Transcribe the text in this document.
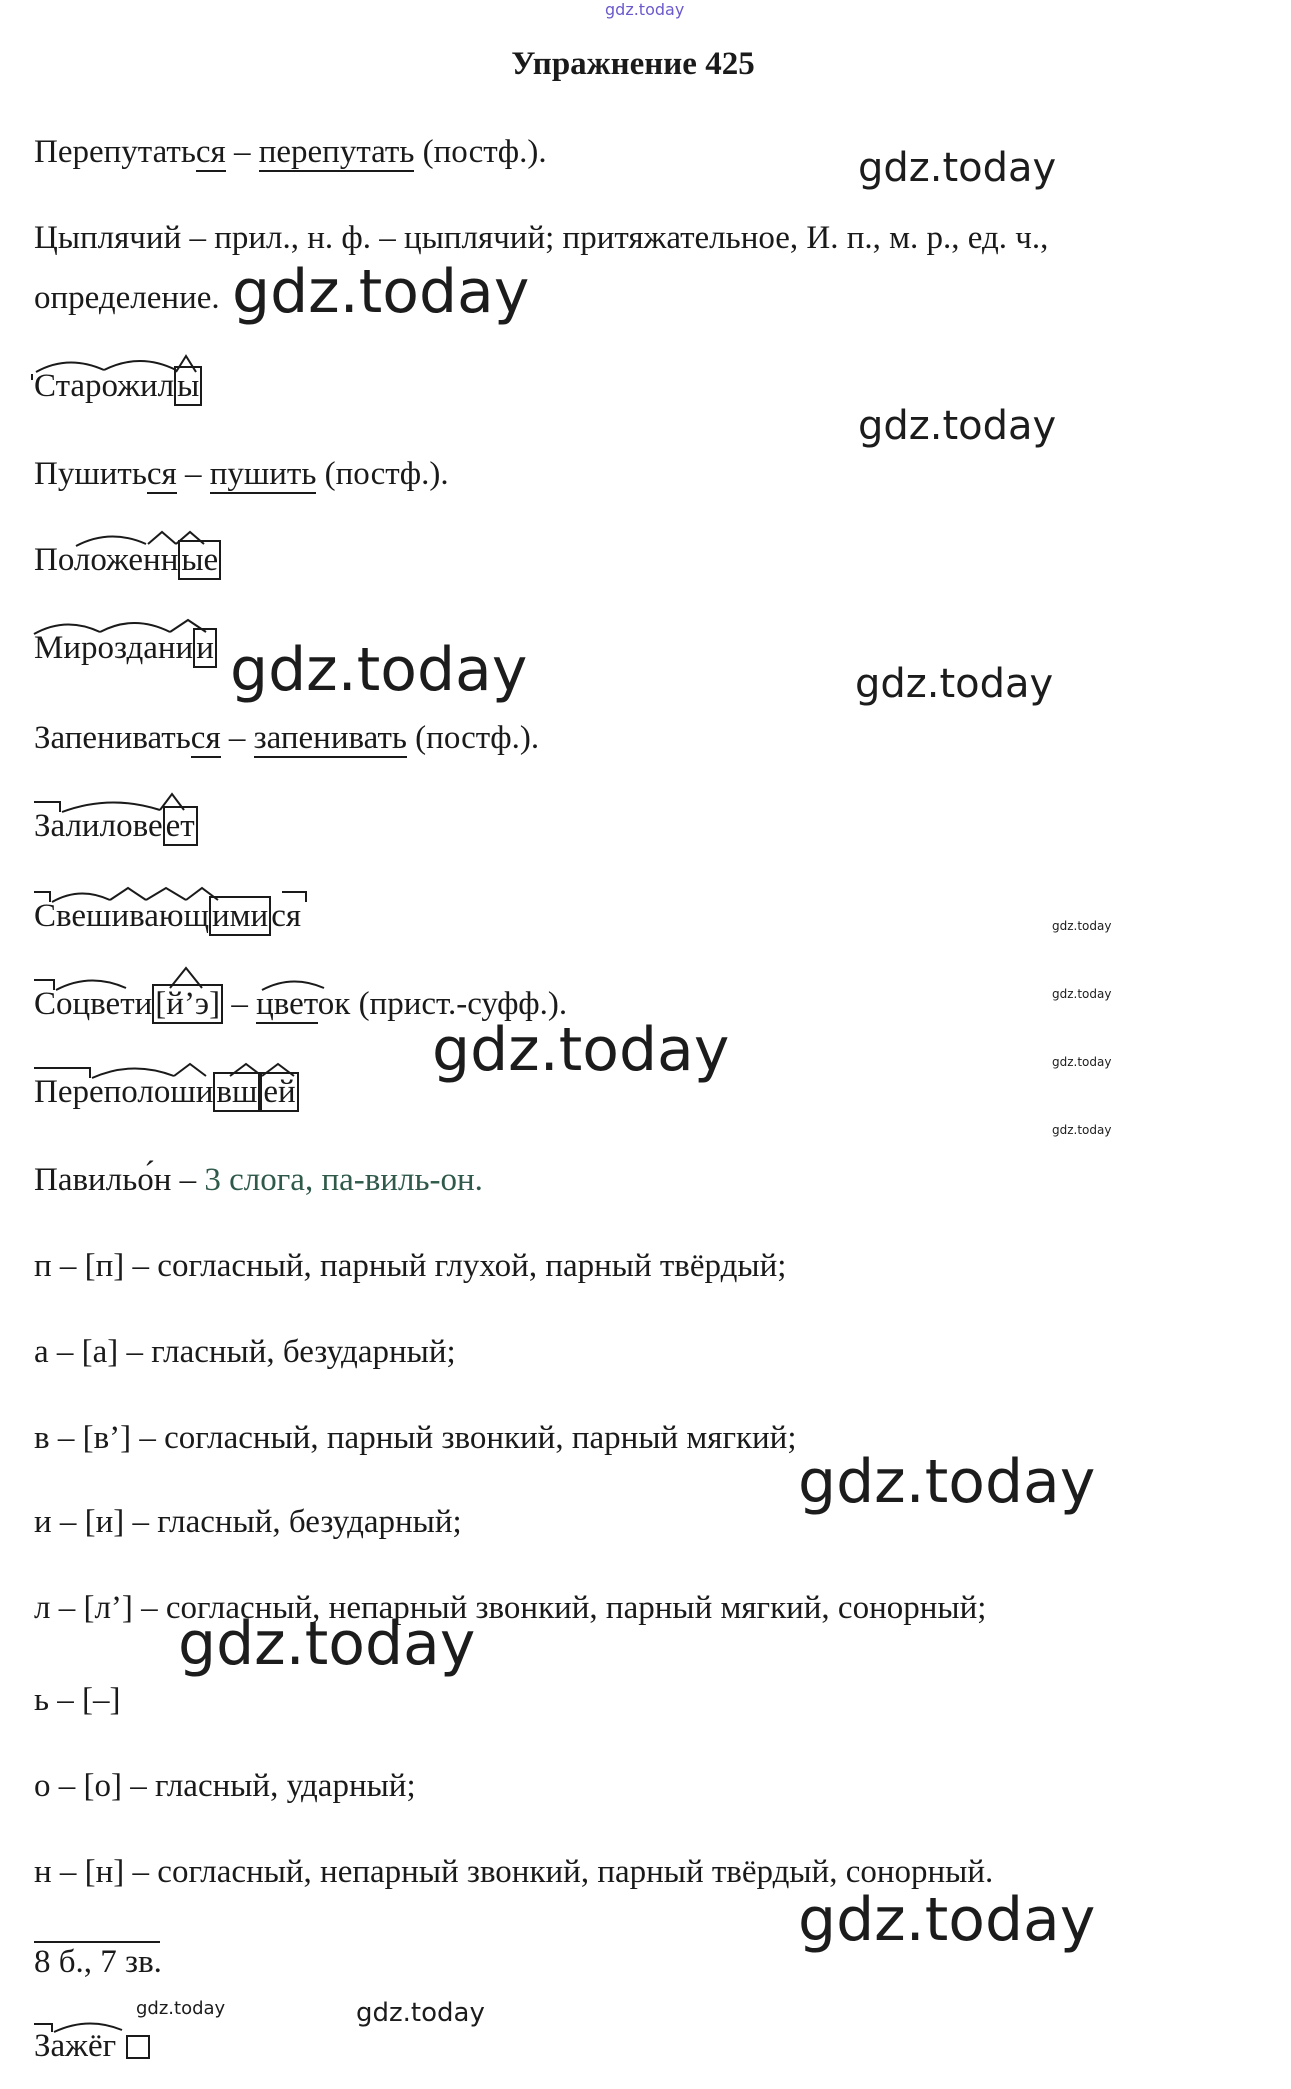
gdz.today
Упражнение 425
Перепутаться – перепутать (постф.).	gdz.today
Цыплячий – прил., н. ф. – цыплячий; притяжательное, И. п., м. р., ед. ч.,
определение. gdz.today
Старожилы
gdz.today
Пушиться – пушить (постф.).
Положенные
Мироздании gdz.today	gdz.today
Запениваться – запенивать (постф.).
Залиловеет
Свешивающимися	gdz.today
Соцвети[й’э] – цветок (прист.-суфф.).	gdz.today
Переполошивш ей
gdz.today	gdz.today
gdz.today
Павильо́н – 3 слога, па-виль-он.
п – [п] – согласный, парный глухой, парный твёрдый;
а – [а] – гласный, безударный;
в – [в’] – согласный, парный звонкий, парный мягкий;
gdz.today
и – [и] – гласный, безударный;
л – [л’] – согласный, непарный звонкий, парный мягкий, сонорный;
gdz.today
ь – [–]
о – [о] – гласный, ударный;
н – [н] – согласный, непарный звонкий, парный твёрдый, сонорный.
8 б., 7 зв.
gdz.today
gdz.today	gdz.today
Зажёг
